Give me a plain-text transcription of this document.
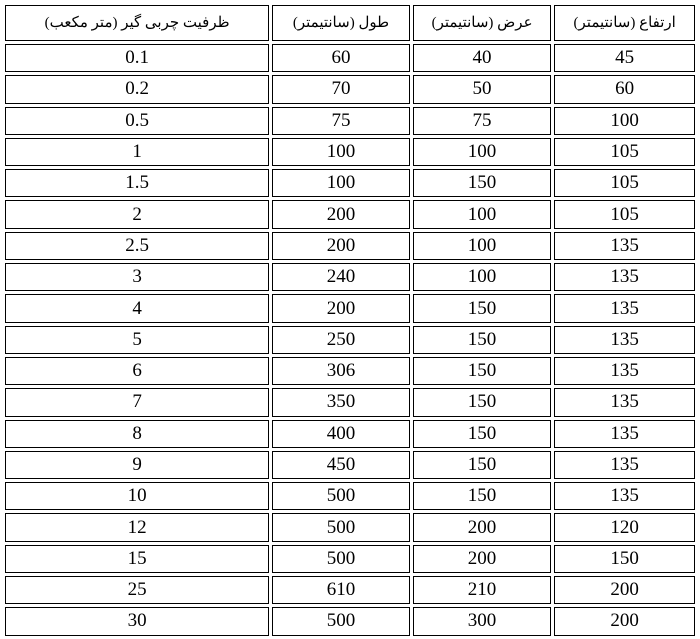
ظرفیت چربی گیر (متر مکعب)	طول (سانتیمتر)	عرض (سانتیمتر)	ارتفاع (سانتیمتر)
0.1	60	40	45
0.2	70	50	60
0.5	75	75	100
1	100	100	105
1.5	100	150	105
2	200	100	105
2.5	200	100	135
3	240	100	135
4	200	150	135
5	250	150	135
6	306	150	135
7	350	150	135
8	400	150	135
9	450	150	135
10	500	150	135
12	500	200	120
15	500	200	150
25	610	210	200
30	500	300	200
